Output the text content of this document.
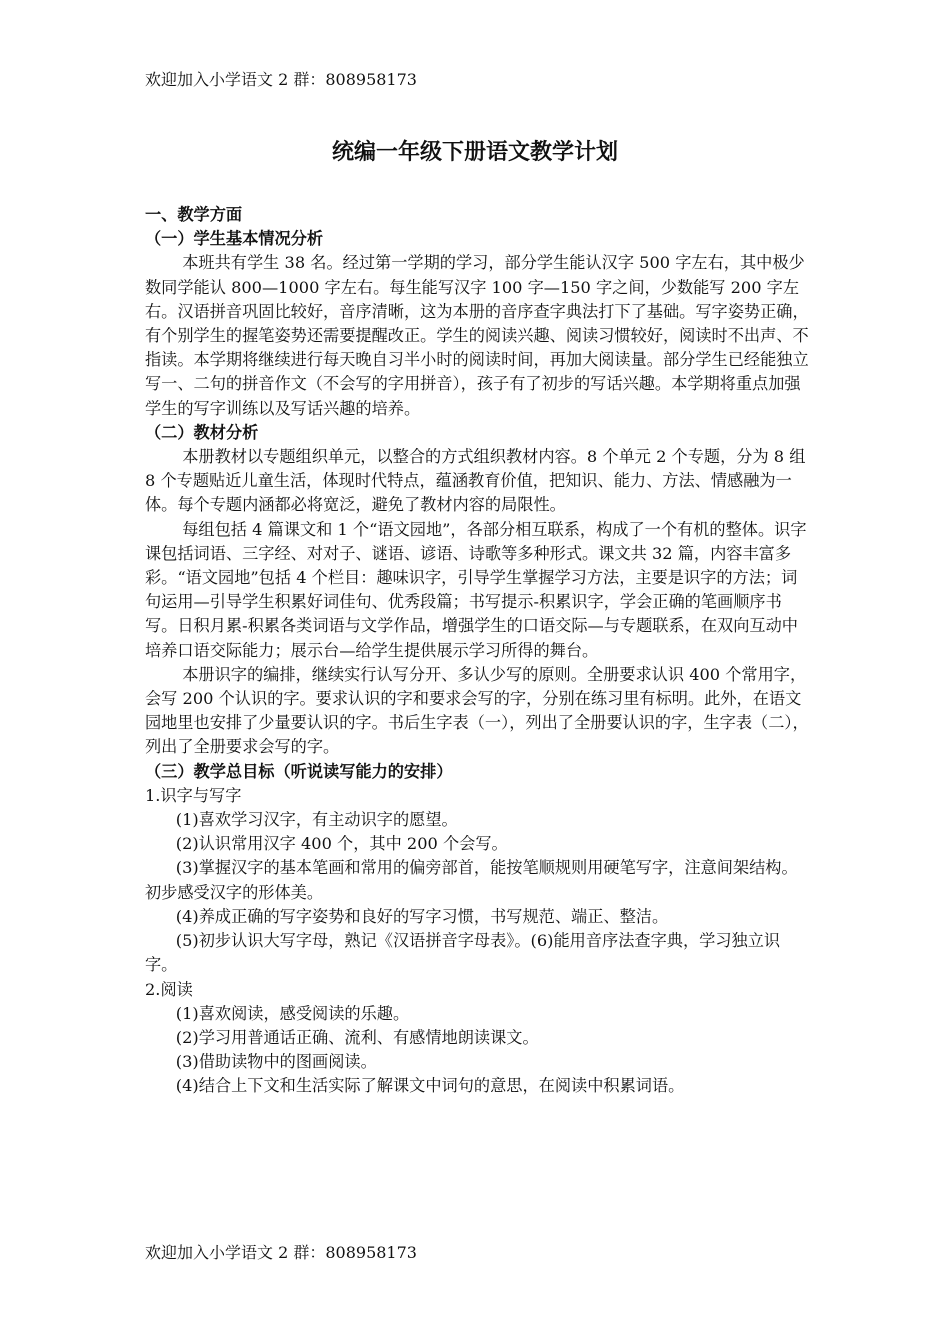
欢迎加入小学语文 2 群：808958173
统编一年级下册语文教学计划

一、教学方面

（一）学生基本情况分析

本班共有学生 38 名。经过第一学期的学习，部分学生能认汉字 500 字左右，其中极少数同学能认 800—1000 字左右。每生能写汉字 100 字—150 字之间，少数能写 200 字左右。汉语拼音巩固比较好，音序清晰，这为本册的音序查字典法打下了基础。写字姿势正确，有个别学生的握笔姿势还需要提醒改正。学生的阅读兴趣、阅读习惯较好，阅读时不出声、不指读。本学期将继续进行每天晚自习半小时的阅读时间，再加大阅读量。部分学生已经能独立写一、二句的拼音作文（不会写的字用拼音），孩子有了初步的写话兴趣。本学期将重点加强学生的写字训练以及写话兴趣的培养。

（二）教材分析

本册教材以专题组织单元，以整合的方式组织教材内容。8 个单元 2 个专题，分为 8 组 8 个专题贴近儿童生活，体现时代特点，蕴涵教育价值，把知识、能力、方法、情感融为一体。每个专题内涵都必将宽泛，避免了教材内容的局限性。

每组包括 4 篇课文和 1 个“语文园地”，各部分相互联系，构成了一个有机的整体。识字课包括词语、三字经、对对子、谜语、谚语、诗歌等多种形式。课文共 32 篇，内容丰富多彩。“语文园地”包括 4 个栏目：趣味识字，引导学生掌握学习方法，主要是识字的方法；词句运用—引导学生积累好词佳句、优秀段篇；书写提示-积累识字，学会正确的笔画顺序书写。日积月累-积累各类词语与文学作品，增强学生的口语交际—与专题联系，在双向互动中培养口语交际能力；展示台—给学生提供展示学习所得的舞台。

本册识字的编排，继续实行认写分开、多认少写的原则。全册要求认识 400 个常用字，会写 200 个认识的字。要求认识的字和要求会写的字，分别在练习里有标明。此外，在语文园地里也安排了少量要认识的字。书后生字表（一），列出了全册要认识的字，生字表（二），列出了全册要求会写的字。

（三）教学总目标（听说读写能力的安排）

1.识字与写字

(1)喜欢学习汉字，有主动识字的愿望。

(2)认识常用汉字 400 个，其中 200 个会写。

(3)掌握汉字的基本笔画和常用的偏旁部首，能按笔顺规则用硬笔写字，注意间架结构。初步感受汉字的形体美。

(4)养成正确的写字姿势和良好的写字习惯，书写规范、端正、整洁。

(5)初步认识大写字母，熟记《汉语拼音字母表》。(6)能用音序法查字典，学习独立识字。

2.阅读

(1)喜欢阅读，感受阅读的乐趣。

(2)学习用普通话正确、流利、有感情地朗读课文。

(3)借助读物中的图画阅读。

(4)结合上下文和生活实际了解课文中词句的意思，在阅读中积累词语。

欢迎加入小学语文 2 群：808958173
